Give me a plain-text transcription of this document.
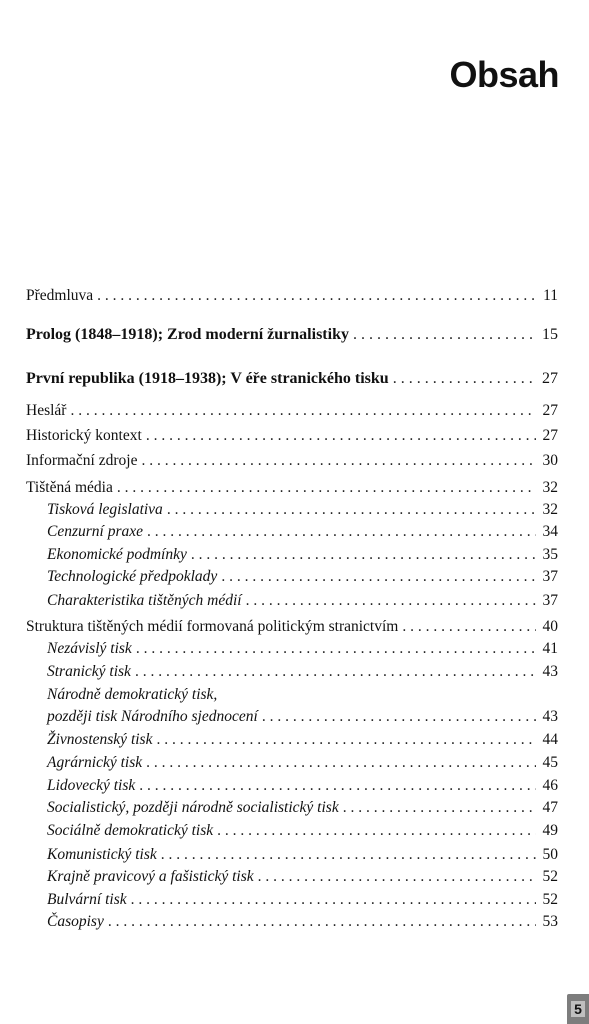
Obsah
Předmluva . . .	11
Prolog (1848–1918); Zrod moderní žurnalistiky . . .	15
První republika (1918–1938); V éře stranického tisku . . .	27
Heslář . . .	27
Historický kontext . . .	27
Informační zdroje . . .	30
Tištěná média . . .	32
Tisková legislativa . . .	32
Cenzurní praxe . . .	34
Ekonomické podmínky . . .	35
Technologické předpoklady . . .	37
Charakteristika tištěných médií . . .	37
Struktura tištěných médií formovaná politickým stranictvím . . .	40
Nezávislý tisk . . .	41
Stranický tisk . . .	43
Národně demokratický tisk,
později tisk Národního sjednocení . . .	43
Živnostenský tisk . . .	44
Agrárnický tisk . . .	45
Lidovecký tisk . . .	46
Socialistický, později národně socialistický tisk . . .	47
Sociálně demokratický tisk . . .	49
Komunistický tisk . . .	50
Krajně pravicový a fašistický tisk . . .	52
Bulvární tisk . . .	52
Časopisy . . .	53
5
